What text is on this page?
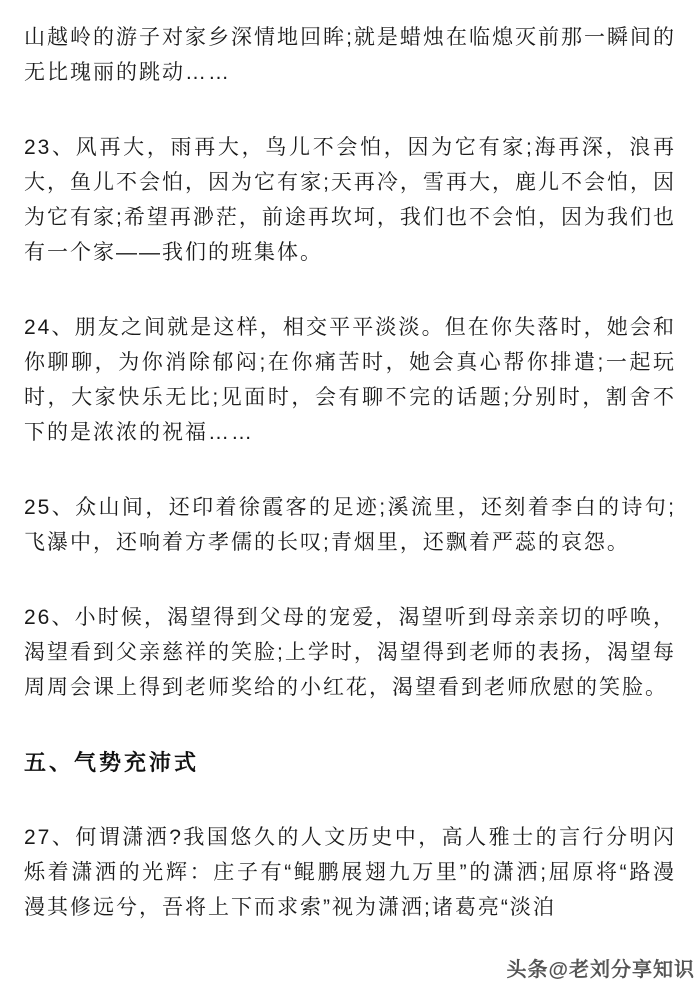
山越岭的游子对家乡深情地回眸;就是蜡烛在临熄灭前那一瞬间的无比瑰丽的跳动……

23、风再大，雨再大，鸟儿不会怕，因为它有家;海再深，浪再大，鱼儿不会怕，因为它有家;天再冷，雪再大，鹿儿不会怕，因为它有家;希望再渺茫，前途再坎坷，我们也不会怕，因为我们也有一个家——我们的班集体。

24、朋友之间就是这样，相交平平淡淡。但在你失落时，她会和你聊聊，为你消除郁闷;在你痛苦时，她会真心帮你排遣;一起玩时，大家快乐无比;见面时，会有聊不完的话题;分别时，割舍不下的是浓浓的祝福……

25、众山间，还印着徐霞客的足迹;溪流里，还刻着李白的诗句;飞瀑中，还响着方孝儒的长叹;青烟里，还飘着严蕊的哀怨。

26、小时候，渴望得到父母的宠爱，渴望听到母亲亲切的呼唤，渴望看到父亲慈祥的笑脸;上学时，渴望得到老师的表扬，渴望每周周会课上得到老师奖给的小红花，渴望看到老师欣慰的笑脸。

五、气势充沛式

27、何谓潇洒?我国悠久的人文历史中，高人雅士的言行分明闪烁着潇洒的光辉：庄子有“鲲鹏展翅九万里”的潇洒;屈原将“路漫漫其修远兮，吾将上下而求索”视为潇洒;诸葛亮“淡泊

头条@老刘分享知识
